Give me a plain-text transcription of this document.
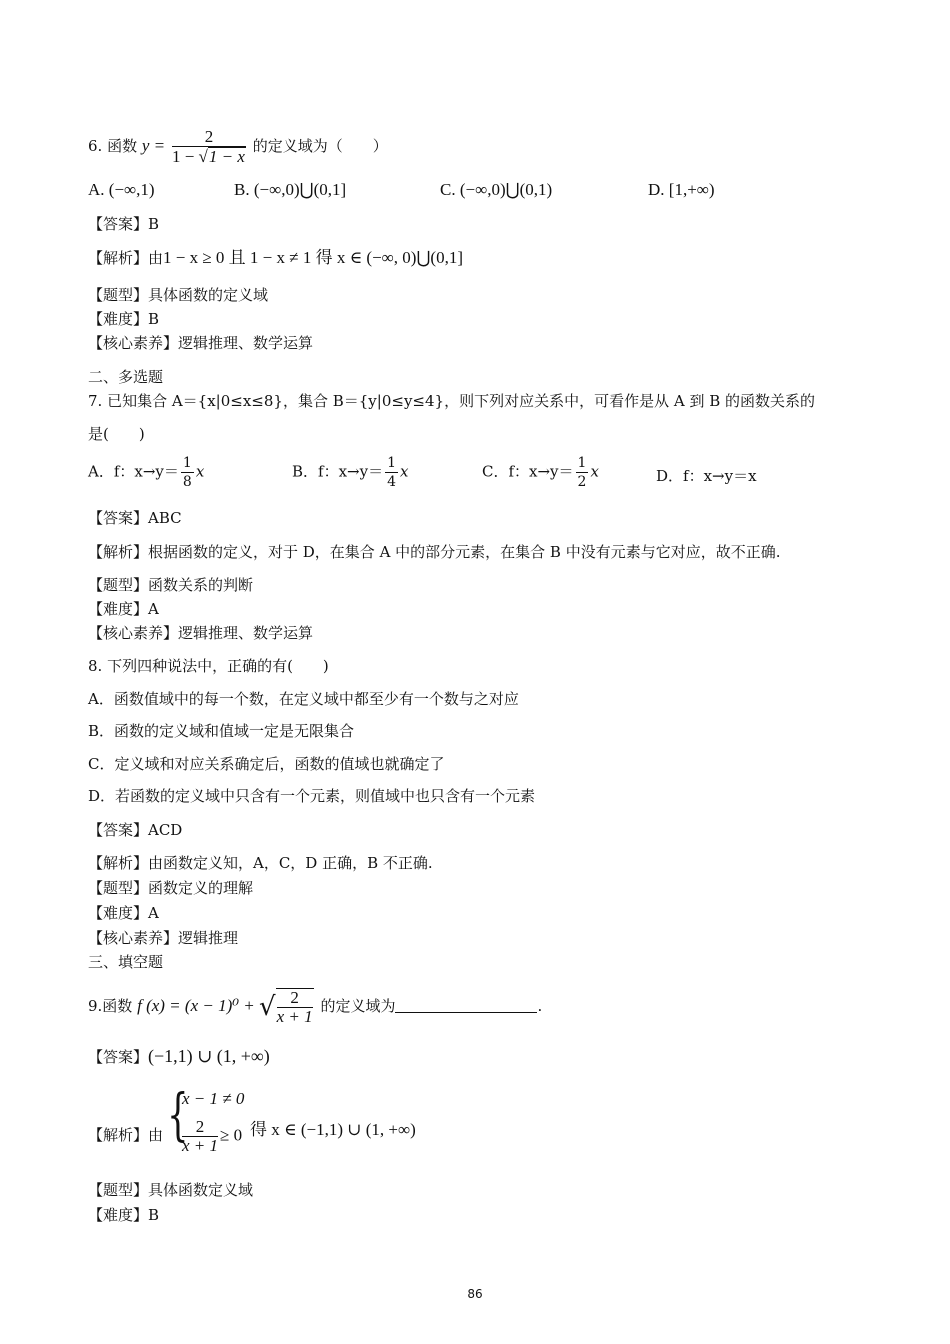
6. 函数 $y = \frac{2}{1 - √1 - x}$ 的定义域为（　　）
A. (−∞,1)	B. (−∞,0)⋃(0,1]	C. (−∞,0)⋃(0,1)	D. [1,+∞)
【答案】B
【解析】由1 − x ≥ 0 且 1 − x ≠ 1 得 x ∈ (−∞, 0)⋃(0,1]
【题型】具体函数的定义域
【难度】B
【核心素养】逻辑推理、数学运算
二、多选题
7. 已知集合 A＝{x|0≤x≤8}，集合 B＝{y|0≤y≤4}，则下列对应关系中，可看作是从 A 到 B 的函数关系的
是(　　)
A．f：$x\to y= \frac{1}{8}$ x	B．f：$x\to y= \frac{1}{4}$ x	C．f：$x\to y= \frac{1}{2}$ x	D．f：x→y＝x
【答案】ABC
【解析】根据函数的定义，对于 D，在集合 A 中的部分元素，在集合 B 中没有元素与它对应，故不正确.
【题型】函数关系的判断
【难度】A
【核心素养】逻辑推理、数学运算
8. 下列四种说法中，正确的有(　　)
A．函数值域中的每一个数，在定义域中都至少有一个数与之对应
B．函数的定义域和值域一定是无限集合
C．定义域和对应关系确定后，函数的值域也就确定了
D．若函数的定义域中只含有一个元素，则值域中也只含有一个元素
【答案】ACD
【解析】由函数定义知，A，C，D 正确，B 不正确.
【题型】函数定义的理解
【难度】A
【核心素养】逻辑推理
三、填空题
9.函数 f (x) = (x − 1)⁰ + √ $\frac{2}{x + 1}$ 的定义域为	.
【答案】(−1,1) ∪ (1, +∞)
【解析】由 {
x − 1 ≠ 0
$\frac{2}{x + 1} \ge 0$ 得 x ∈ (−1,1) ∪ (1, +∞)
【题型】具体函数定义域
【难度】B
86
